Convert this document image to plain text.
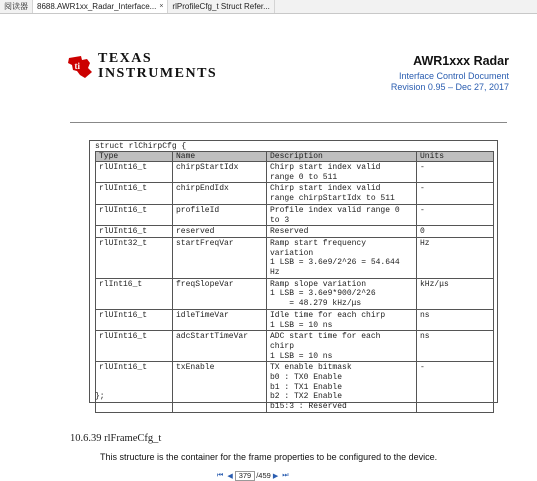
阅读器 8688.AWR1xx_Radar_Interface... × rlProfileCfg_t Struct Refer...
ti TEXAS
INSTRUMENTS
AWR1xxx Radar
Interface Control Document
Revision 0.95 – Dec 27, 2017
struct rlChirpCfg {
Type	Name	Description	Units
rlUInt16_t	chirpStartIdx	Chirp start index valid
range 0 to 511	-
rlUInt16_t	chirpEndIdx	Chirp start index valid
range chirpStartIdx to 511	-
rlUInt16_t	profileId	Profile index valid range 0
to 3	-
rlUInt16_t	reserved	Reserved	0
rlUInt32_t	startFreqVar	Ramp start frequency
variation
1 LSB = 3.6e9/2^26 = 54.644
Hz	Hz
rlInt16_t	freqSlopeVar	Ramp slope variation
1 LSB = 3.6e9*900/2^26
= 48.279 kHz/μs	kHz/μs
rlUInt16_t	idleTimeVar	Idle time for each chirp
1 LSB = 10 ns	ns
rlUInt16_t	adcStartTimeVar	ADC start time for each
chirp
1 LSB = 10 ns	ns
rlUInt16_t	txEnable	TX enable bitmask
b0 : TX0 Enable
b1 : TX1 Enable
b2 : TX2 Enable
b15:3 : Reserved	-
};
10.6.39 rlFrameCfg_t
This structure is the container for the frame properties to be configured to the device.
⏮ ◀ 379 /459 ▶ ⏭
